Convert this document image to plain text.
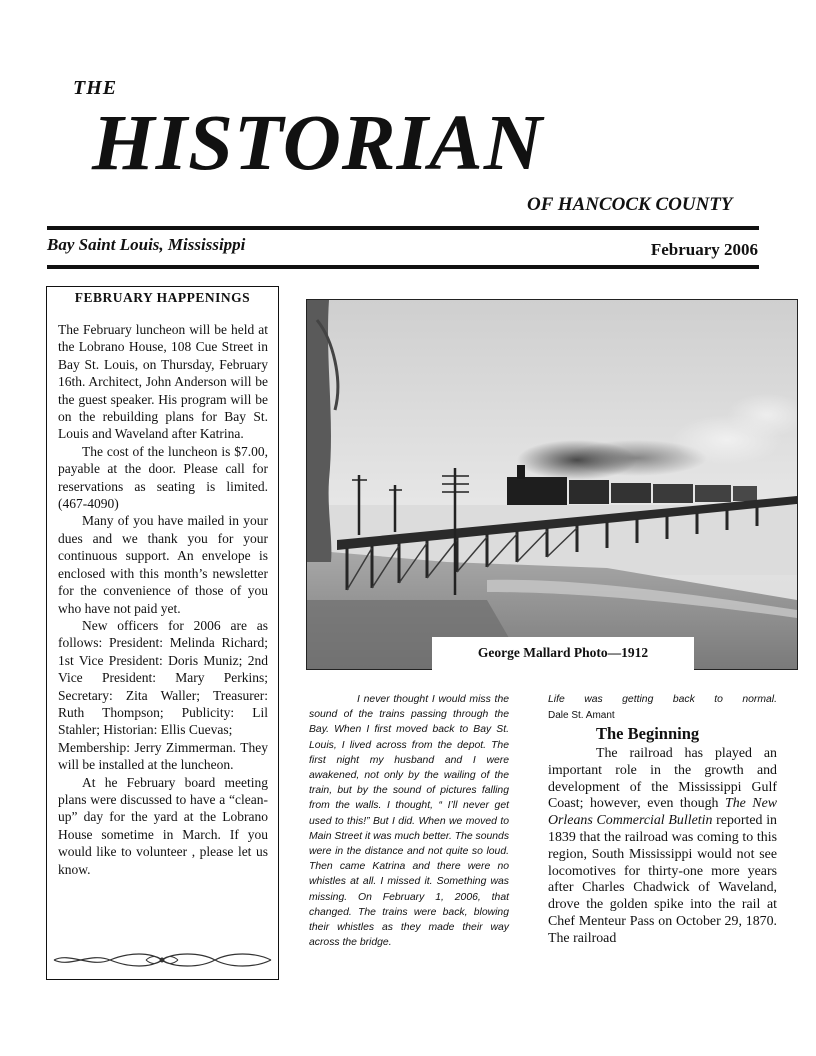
THE
HISTORIAN
OF HANCOCK COUNTY
Bay Saint Louis, Mississippi	February 2006
FEBRUARY HAPPENINGS

The February luncheon will be held at the Lobrano House, 108 Cue Street in Bay St. Louis, on Thursday, February 16th. Architect, John Anderson will be the guest speaker. His program will be on the rebuilding plans for Bay St. Louis and Waveland after Katrina.

The cost of the luncheon is $7.00, payable at the door. Please call for reservations as seating is limited. (467-4090)

Many of you have mailed in your dues and we thank you for your continuous support. An envelope is enclosed with this month’s newsletter for the convenience of those of you who have not paid yet.

New officers for 2006 are as follows: President: Melinda Richard; 1st Vice President: Doris Muniz; 2nd Vice President: Mary Perkins; Secretary: Zita Waller; Treasurer: Ruth Thompson; Publicity: Lil Stahler; Historian: Ellis Cuevas;

Membership: Jerry Zimmerman. They will be installed at the luncheon.

At he February board meeting plans were discussed to have a “clean-up” day for the yard at the Lobrano House sometime in March. If you would like to volunteer , please let us know.

George Mallard Photo—1912

I never thought I would miss the sound of the trains passing through the Bay. When I first moved back to Bay St. Louis, I lived across from the depot. The first night my husband and I were awakened, not only by the wailing of the train, but by the sound of pictures falling from the walls. I thought, “ I’ll never get used to this!” But I did. When we moved to Main Street it was much better. The sounds were in the distance and not quite so loud. Then came Katrina and there were no whistles at all. I missed it. Something was missing. On February 1, 2006, that changed. The trains were back, blowing their whistles as they made their way across the bridge.

Life was getting back to normal.
Dale St. Amant
The Beginning

The railroad has played an important role in the growth and development of the Mississippi Gulf Coast; however, even though The New Orleans Commercial Bulletin reported in 1839 that the railroad was coming to this region, South Mississippi would not see locomotives for thirty-one more years after Charles Chadwick of Waveland, drove the golden spike into the rail at Chef Menteur Pass on October 29, 1870. The railroad
